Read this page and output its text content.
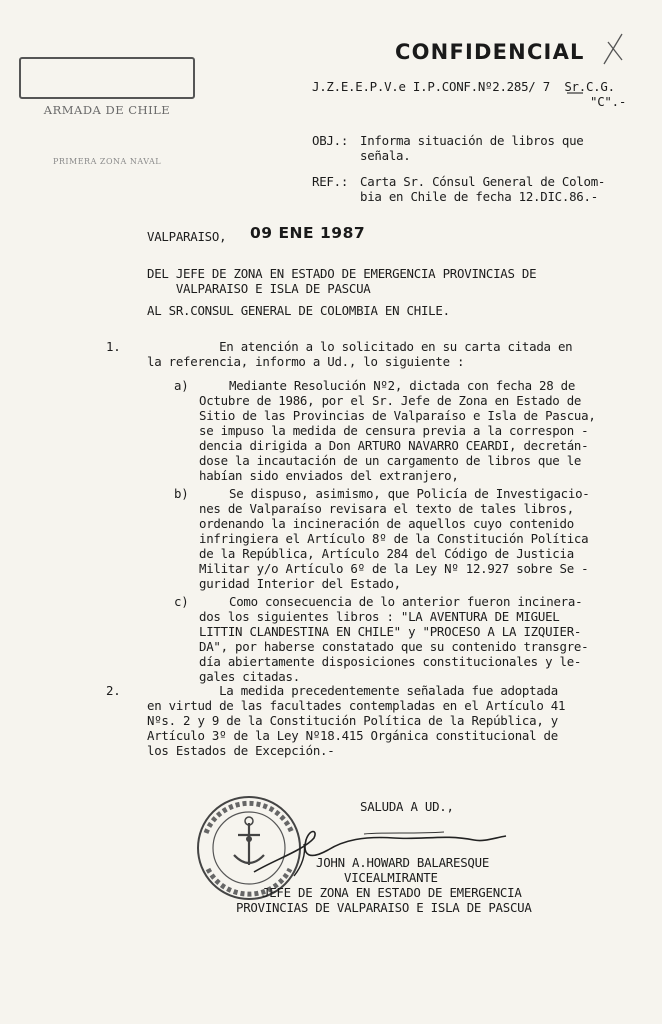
ARMADA DE CHILE

PRIMERA ZONA NAVAL

CONFIDENCIAL
J.Z.E.E.P.V.e I.P.CONF.Nº2.285/ 7  Sr.C.G.
"C".-
OBJ.: Informa situación de libros que
señala.
REF.: Carta Sr. Cónsul General de Colom-
bia en Chile de fecha 12.DIC.86.-
VALPARAISO, 09 ENE 1987
DEL JEFE DE ZONA EN ESTADO DE EMERGENCIA PROVINCIAS DE
VALPARAISO E ISLA DE PASCUA
AL SR.CONSUL GENERAL DE COLOMBIA EN CHILE.
1. En atención a lo solicitado en su carta citada en
la referencia, informo a Ud., lo siguiente :
a)	Mediante Resolución Nº2, dictada con fecha 28 de
Octubre de 1986, por el Sr. Jefe de Zona en Estado de
Sitio de las Provincias de Valparaíso e Isla de Pascua,
se impuso la medida de censura previa a la correspon -
dencia dirigida a Don ARTURO NAVARRO CEARDI, decretán-
dose la incautación de un cargamento de libros que le
habían sido enviados del extranjero,
b)	Se dispuso, asimismo, que Policía de Investigacio-
nes de Valparaíso revisara el texto de tales libros,
ordenando la incineración de aquellos cuyo contenido
infringiera el Artículo 8º de la Constitución Política
de la República, Artículo 284 del Código de Justicia
Militar y/o Artículo 6º de la Ley Nº 12.927 sobre Se -
guridad Interior del Estado,
c)	Como consecuencia de lo anterior fueron incinera-
dos los siguientes libros : "LA AVENTURA DE MIGUEL
LITTIN CLANDESTINA EN CHILE" y "PROCESO A LA IZQUIER-
DA", por haberse constatado que su contenido transgre-
día abiertamente disposiciones constitucionales y le-
gales citadas.
2. La medida precedentemente señalada fue adoptada
en virtud de las facultades contempladas en el Artículo 41
Nºs. 2 y 9 de la Constitución Política de la República, y
Artículo 3º de la Ley Nº18.415 Orgánica constitucional de
los Estados de Excepción.-
SALUDA A UD.,
JOHN A.HOWARD BALARESQUE
VICEALMIRANTE
JEFE DE ZONA EN ESTADO DE EMERGENCIA
PROVINCIAS DE VALPARAISO E ISLA DE PASCUA
